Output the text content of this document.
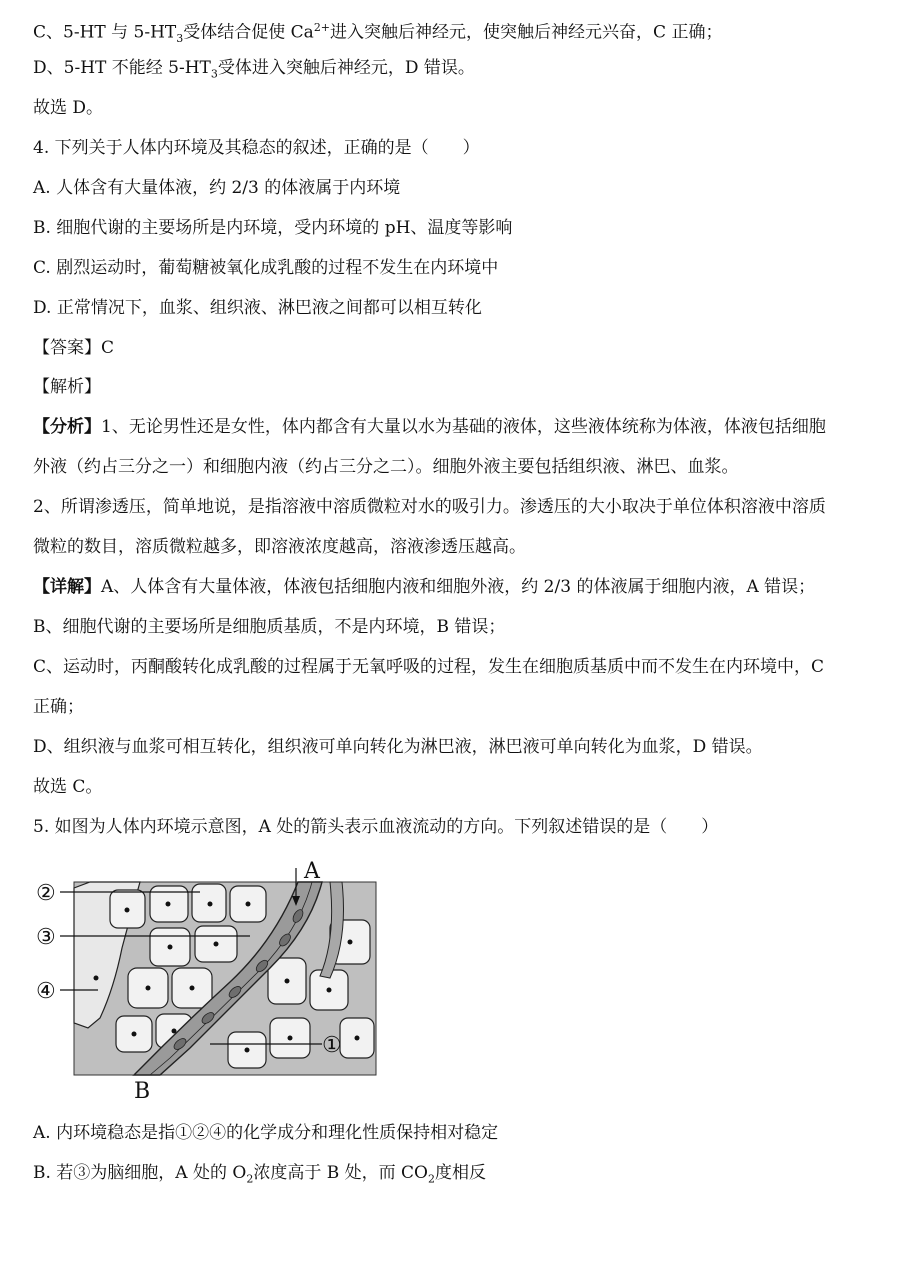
C、5-HT 与 $5-HT_3$受体结合促使 $Ca^{2+}$进入突触后神经元，使突触后神经元兴奋，C 正确；
D、5-HT 不能经 $5-HT_3$受体进入突触后神经元，D 错误。
故选 D。
4. 下列关于人体内环境及其稳态的叙述，正确的是（　　）
A. 人体含有大量体液，约 2/3 的体液属于内环境
B. 细胞代谢的主要场所是内环境，受内环境的 pH、温度等影响
C. 剧烈运动时，葡萄糖被氧化成乳酸的过程不发生在内环境中
D. 正常情况下，血浆、组织液、淋巴液之间都可以相互转化
【答案】C
【解析】
【分析】1、无论男性还是女性，体内都含有大量以水为基础的液体，这些液体统称为体液，体液包括细胞
外液（约占三分之一）和细胞内液（约占三分之二）。细胞外液主要包括组织液、淋巴、血浆。
2、所谓渗透压，简单地说，是指溶液中溶质微粒对水的吸引力。渗透压的大小取决于单位体积溶液中溶质
微粒的数目，溶质微粒越多，即溶液浓度越高，溶液渗透压越高。
【详解】A、人体含有大量体液，体液包括细胞内液和细胞外液，约 2/3 的体液属于细胞内液，A 错误；
B、细胞代谢的主要场所是细胞质基质，不是内环境，B 错误；
C、运动时，丙酮酸转化成乳酸的过程属于无氧呼吸的过程，发生在细胞质基质中而不发生在内环境中，C
正确；
D、组织液与血浆可相互转化，组织液可单向转化为淋巴液，淋巴液可单向转化为血浆，D 错误。
故选 C。
5. 如图为人体内环境示意图，A 处的箭头表示血液流动的方向。下列叙述错误的是（　　）
②
③
④
①
A
B
A. 内环境稳态是指①②④的化学成分和理化性质保持相对稳定
B. 若③为脑细胞，A 处的 $O_2$浓度高于 B 处，而 $CO_2$度相反
